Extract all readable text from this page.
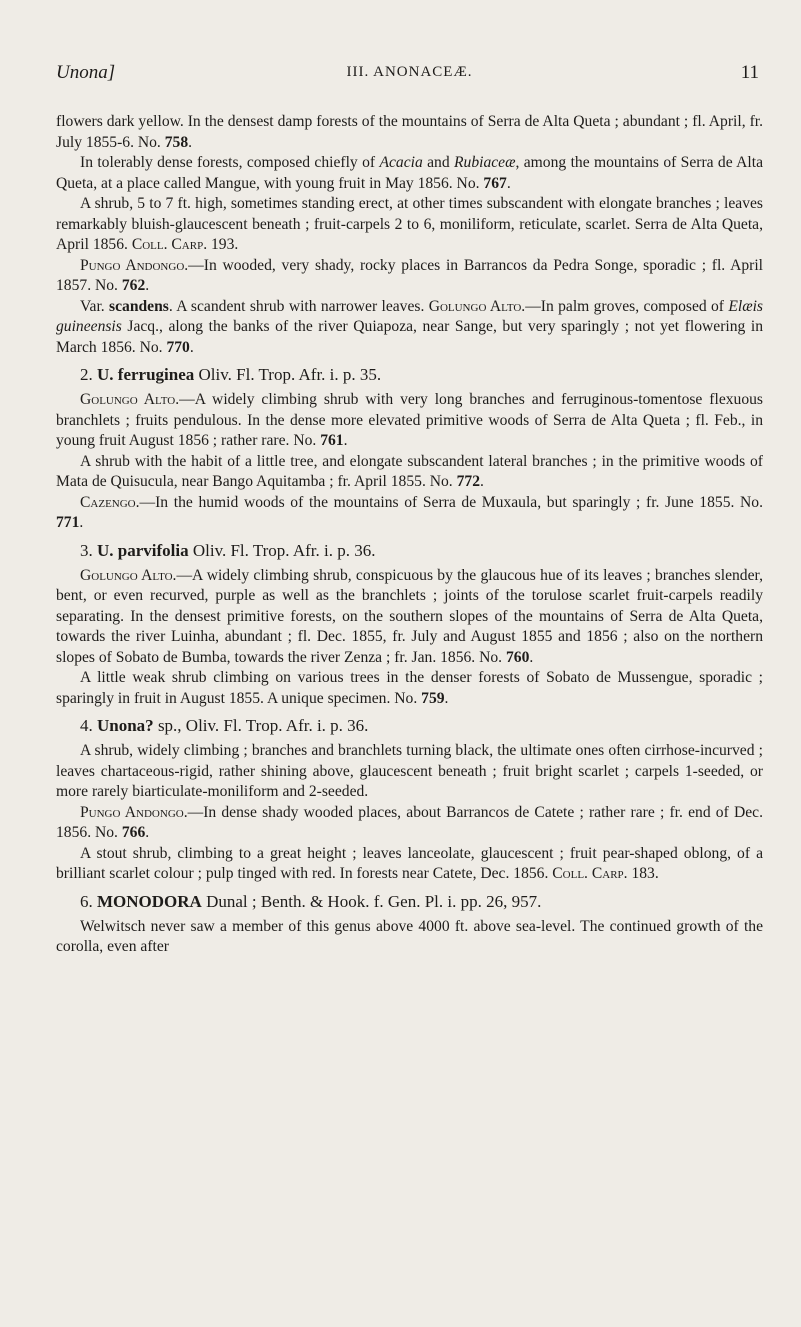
Unona]	III. ANONACEÆ.	11

flowers dark yellow. In the densest damp forests of the mountains of Serra de Alta Queta ; abundant ; fl. April, fr. July 1855-6. No. 758.

In tolerably dense forests, composed chiefly of Acacia and Rubiaceæ, among the mountains of Serra de Alta Queta, at a place called Mangue, with young fruit in May 1856. No. 767.

A shrub, 5 to 7 ft. high, sometimes standing erect, at other times subscandent with elongate branches ; leaves remarkably bluish-glaucescent beneath ; fruit-carpels 2 to 6, moniliform, reticulate, scarlet. Serra de Alta Queta, April 1856. Coll. Carp. 193.

Pungo Andongo.—In wooded, very shady, rocky places in Barrancos da Pedra Songe, sporadic ; fl. April 1857. No. 762.

Var. scandens. A scandent shrub with narrower leaves. Golungo Alto.—In palm groves, composed of Elæis guineensis Jacq., along the banks of the river Quiapoza, near Sange, but very sparingly ; not yet flowering in March 1856. No. 770.

2. U. ferruginea Oliv. Fl. Trop. Afr. i. p. 35.

Golungo Alto.—A widely climbing shrub with very long branches and ferruginous-tomentose flexuous branchlets ; fruits pendulous. In the dense more elevated primitive woods of Serra de Alta Queta ; fl. Feb., in young fruit August 1856 ; rather rare. No. 761.

A shrub with the habit of a little tree, and elongate subscandent lateral branches ; in the primitive woods of Mata de Quisucula, near Bango Aquitamba ; fr. April 1855. No. 772.

Cazengo.—In the humid woods of the mountains of Serra de Muxaula, but sparingly ; fr. June 1855. No. 771.

3. U. parvifolia Oliv. Fl. Trop. Afr. i. p. 36.

Golungo Alto.—A widely climbing shrub, conspicuous by the glaucous hue of its leaves ; branches slender, bent, or even recurved, purple as well as the branchlets ; joints of the torulose scarlet fruit-carpels readily separating. In the densest primitive forests, on the southern slopes of the mountains of Serra de Alta Queta, towards the river Luinha, abundant ; fl. Dec. 1855, fr. July and August 1855 and 1856 ; also on the northern slopes of Sobato de Bumba, towards the river Zenza ; fr. Jan. 1856. No. 760.

A little weak shrub climbing on various trees in the denser forests of Sobato de Mussengue, sporadic ; sparingly in fruit in August 1855. A unique specimen. No. 759.

4. Unona? sp., Oliv. Fl. Trop. Afr. i. p. 36.

A shrub, widely climbing ; branches and branchlets turning black, the ultimate ones often cirrhose-incurved ; leaves chartaceous-rigid, rather shining above, glaucescent beneath ; fruit bright scarlet ; carpels 1-seeded, or more rarely biarticulate-moniliform and 2-seeded.

Pungo Andongo.—In dense shady wooded places, about Barrancos de Catete ; rather rare ; fr. end of Dec. 1856. No. 766.

A stout shrub, climbing to a great height ; leaves lanceolate, glaucescent ; fruit pear-shaped oblong, of a brilliant scarlet colour ; pulp tinged with red. In forests near Catete, Dec. 1856. Coll. Carp. 183.

6. MONODORA Dunal ; Benth. & Hook. f. Gen. Pl. i. pp. 26, 957.

Welwitsch never saw a member of this genus above 4000 ft. above sea-level. The continued growth of the corolla, even after
